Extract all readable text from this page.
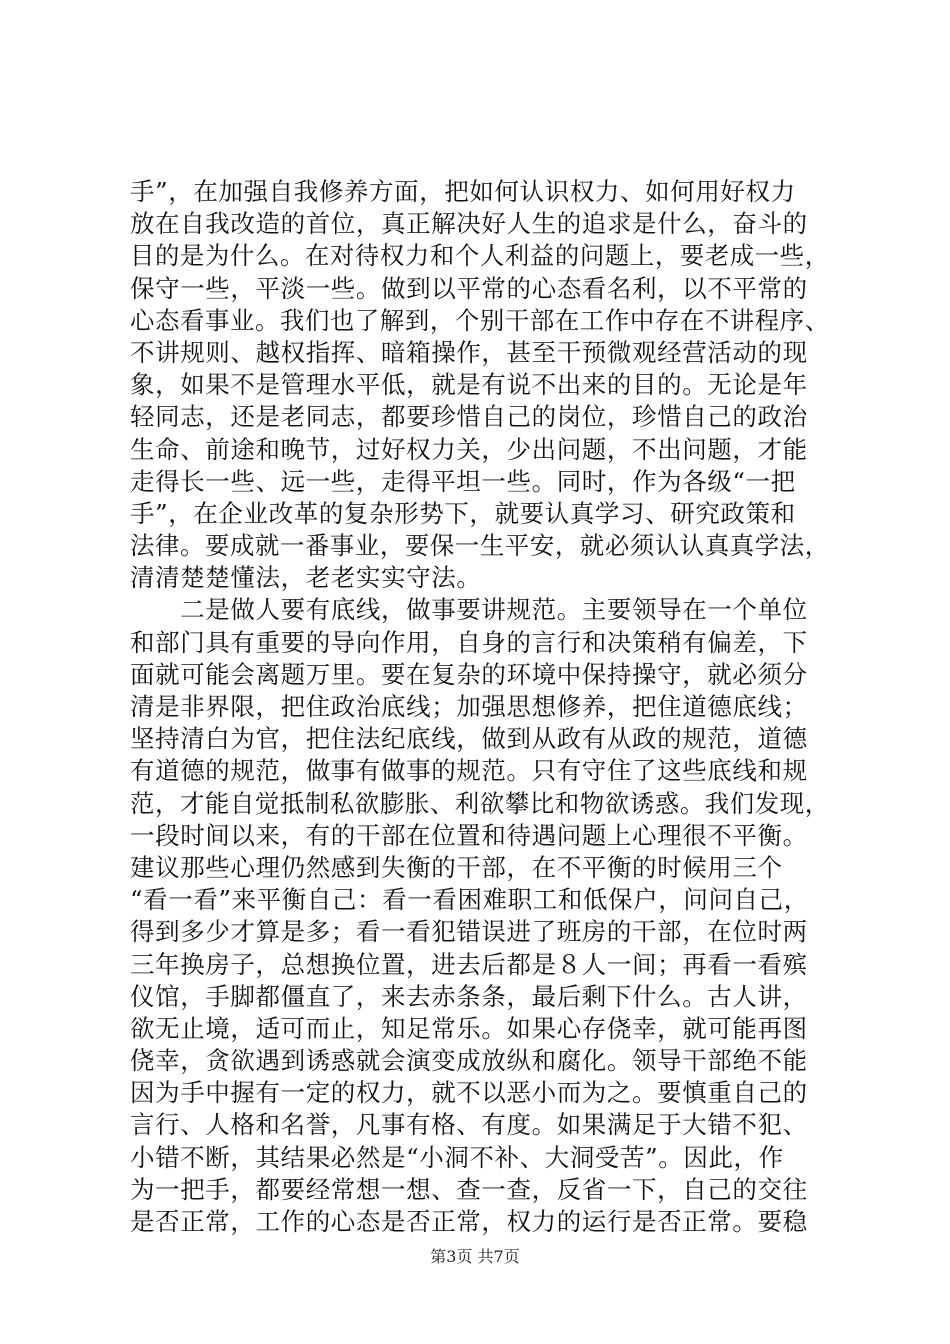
手”，在加强自我修养方面，把如何认识权力、如何用好权力
放在自我改造的首位，真正解决好人生的追求是什么，奋斗的
目的是为什么。在对待权力和个人利益的问题上，要老成一些，
保守一些，平淡一些。做到以平常的心态看名利，以不平常的
心态看事业。我们也了解到，个别干部在工作中存在不讲程序、
不讲规则、越权指挥、暗箱操作，甚至干预微观经营活动的现
象，如果不是管理水平低，就是有说不出来的目的。无论是年
轻同志，还是老同志，都要珍惜自己的岗位，珍惜自己的政治
生命、前途和晚节，过好权力关，少出问题，不出问题，才能
走得长一些、远一些，走得平坦一些。同时，作为各级“一把
手”，在企业改革的复杂形势下，就要认真学习、研究政策和
法律。要成就一番事业，要保一生平安，就必须认认真真学法，
清清楚楚懂法，老老实实守法。
　　二是做人要有底线，做事要讲规范。主要领导在一个单位
和部门具有重要的导向作用，自身的言行和决策稍有偏差，下
面就可能会离题万里。要在复杂的环境中保持操守，就必须分
清是非界限，把住政治底线；加强思想修养，把住道德底线；
坚持清白为官，把住法纪底线，做到从政有从政的规范，道德
有道德的规范，做事有做事的规范。只有守住了这些底线和规
范，才能自觉抵制私欲膨胀、利欲攀比和物欲诱惑。我们发现，
一段时间以来，有的干部在位置和待遇问题上心理很不平衡。
建议那些心理仍然感到失衡的干部，在不平衡的时候用三个
“看一看”来平衡自己：看一看困难职工和低保户，问问自己，
得到多少才算是多；看一看犯错误进了班房的干部，在位时两
三年换房子，总想换位置，进去后都是８人一间；再看一看殡
仪馆，手脚都僵直了，来去赤条条，最后剩下什么。古人讲，
欲无止境，适可而止，知足常乐。如果心存侥幸，就可能再图
侥幸，贪欲遇到诱惑就会演变成放纵和腐化。领导干部绝不能
因为手中握有一定的权力，就不以恶小而为之。要慎重自己的
言行、人格和名誉，凡事有格、有度。如果满足于大错不犯、
小错不断，其结果必然是“小洞不补、大洞受苦”。因此，作
为一把手，都要经常想一想、查一查，反省一下，自己的交往
是否正常，工作的心态是否正常，权力的运行是否正常。要稳
第3页 共7页
